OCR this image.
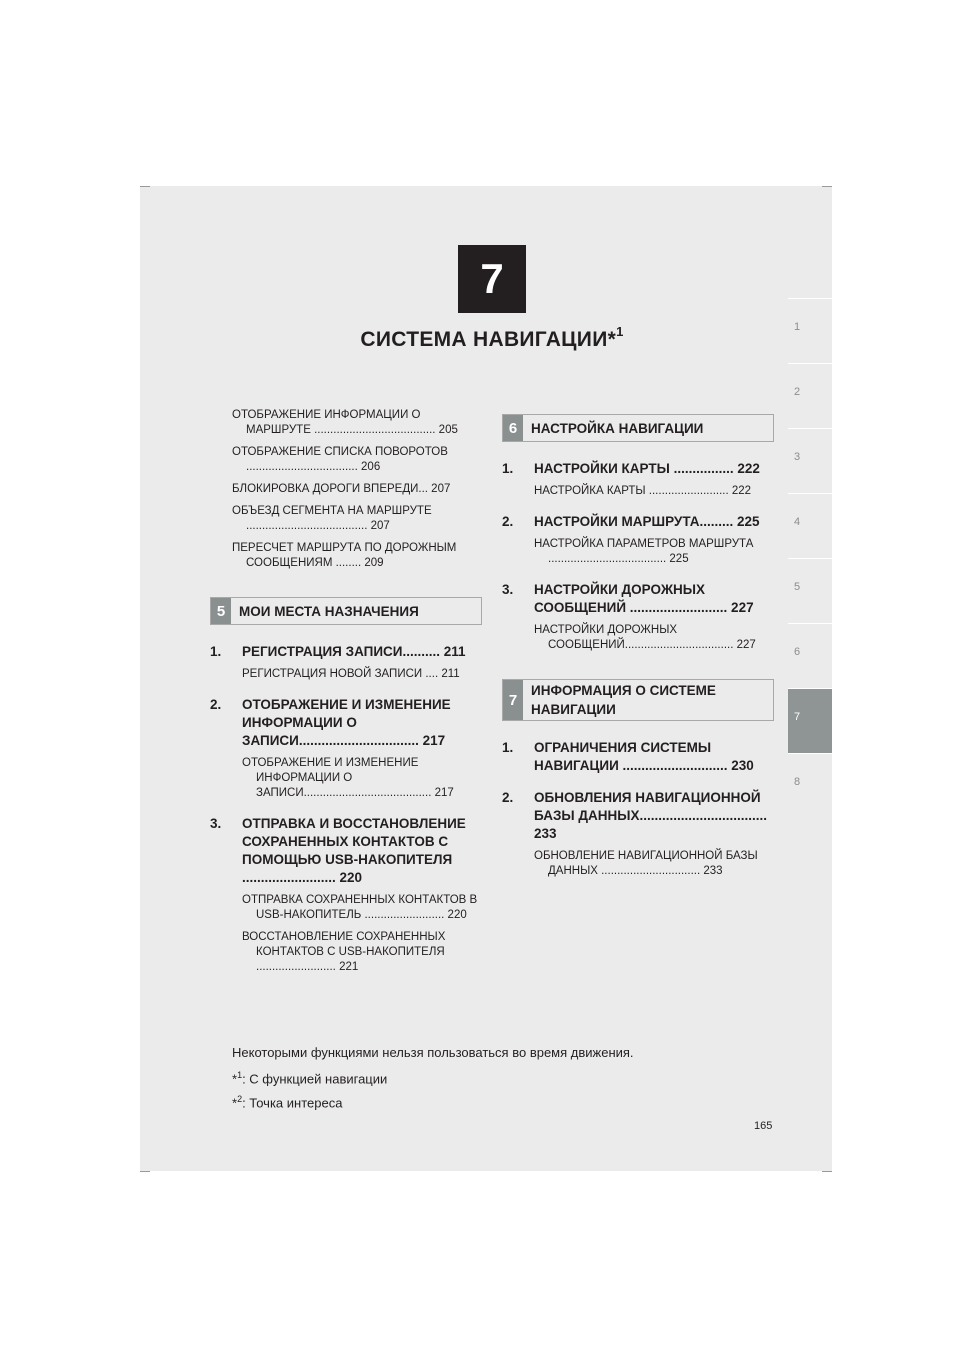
7
СИСТЕМА НАВИГАЦИИ*$^1$	1
2
3
4
5
6
7
8
ОТОБРАЖЕНИЕ ИНФОРМАЦИИ О МАРШРУТЕ ...................................... 205
ОТОБРАЖЕНИЕ СПИСКА ПОВОРОТОВ ................................... 206
БЛОКИРОВКА ДОРОГИ ВПЕРЕДИ... 207
ОБЪЕЗД СЕГМЕНТА НА МАРШРУТЕ ...................................... 207
ПЕРЕСЧЕТ МАРШРУТА ПО ДОРОЖНЫМ СООБЩЕНИЯМ ........ 209
5	МОИ МЕСТА НАЗНАЧЕНИЯ
1. РЕГИСТРАЦИЯ ЗАПИСИ.......... 211
РЕГИСТРАЦИЯ НОВОЙ ЗАПИСИ .... 211
2. ОТОБРАЖЕНИЕ И ИЗМЕНЕНИЕ ИНФОРМАЦИИ О ЗАПИСИ................................ 217
ОТОБРАЖЕНИЕ И ИЗМЕНЕНИЕ ИНФОРМАЦИИ О ЗАПИСИ........................................ 217
3. ОТПРАВКА И ВОССТАНОВЛЕНИЕ СОХРАНЕННЫХ КОНТАКТОВ С ПОМОЩЬЮ USB-НАКОПИТЕЛЯ ......................... 220
ОТПРАВКА СОХРАНЕННЫХ КОНТАКТОВ В USB-НАКОПИТЕЛЬ ......................... 220
ВОССТАНОВЛЕНИЕ СОХРАНЕННЫХ КОНТАКТОВ С USB-НАКОПИТЕЛЯ ......................... 221
6	НАСТРОЙКА НАВИГАЦИИ
1. НАСТРОЙКИ КАРТЫ ................ 222
НАСТРОЙКА КАРТЫ ......................... 222
2. НАСТРОЙКИ МАРШРУТА......... 225
НАСТРОЙКА ПАРАМЕТРОВ МАРШРУТА ..................................... 225
3. НАСТРОЙКИ ДОРОЖНЫХ СООБЩЕНИЙ .......................... 227
НАСТРОЙКИ ДОРОЖНЫХ СООБЩЕНИЙ.................................. 227
7
ИНФОРМАЦИЯ О СИСТЕМЕ НАВИГАЦИИ
1. ОГРАНИЧЕНИЯ СИСТЕМЫ НАВИГАЦИИ ............................ 230
2. ОБНОВЛЕНИЯ НАВИГАЦИОННОЙ БАЗЫ ДАННЫХ.................................. 233
ОБНОВЛЕНИЕ НАВИГАЦИОННОЙ БАЗЫ ДАННЫХ ............................... 233
Некоторыми функциями нельзя пользоваться во время движения.
*$^1$: С функцией навигации
*$^2$: Точка интереса
165
